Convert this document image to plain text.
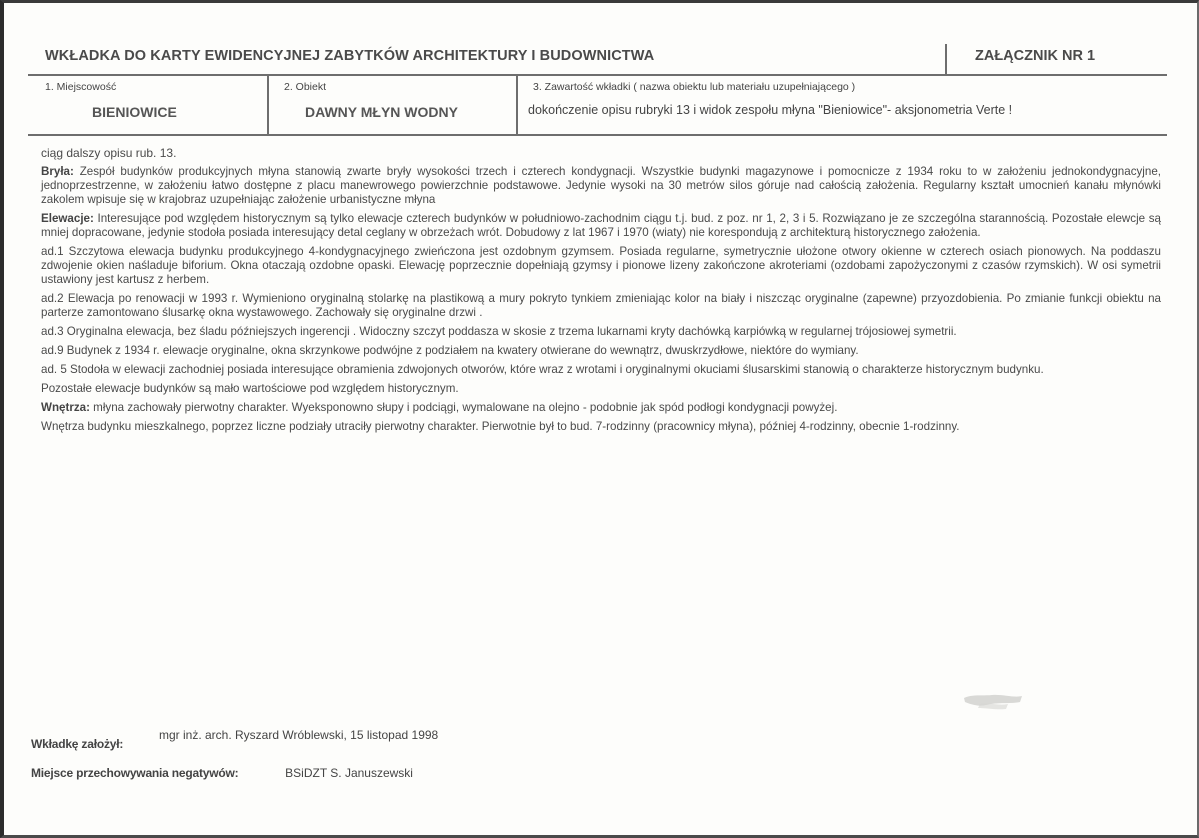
WKŁADKA DO KARTY EWIDENCYJNEJ ZABYTKÓW ARCHITEKTURY I BUDOWNICTWA	ZAŁĄCZNIK NR 1
1. Miejscowość
BIENIOWICE
2. Obiekt
DAWNY MŁYN WODNY
3. Zawartość wkładki ( nazwa obiektu lub materiału uzupełniającego )
dokończenie opisu rubryki 13 i widok zespołu młyna "Bieniowice"- aksjonometria Verte !

ciąg dalszy opisu rub. 13.

Bryła: Zespół budynków produkcyjnych młyna stanowią zwarte bryły wysokości trzech i czterech kondygnacji. Wszystkie budynki magazynowe i pomocnicze z 1934 roku to w założeniu jednokondygnacyjne, jednoprzestrzenne, w założeniu łatwo dostępne z placu manewrowego powierzchnie podstawowe. Jedynie wysoki na 30 metrów silos góruje nad całością założenia. Regularny kształt umocnień kanału młynówki zakolem wpisuje się w krajobraz uzupełniając założenie urbanistyczne młyna

Elewacje: Interesujące pod względem historycznym są tylko elewacje czterech budynków w południowo-zachodnim ciągu t.j. bud. z poz. nr 1, 2, 3 i 5. Rozwiązano je ze szczególna starannością. Pozostałe elewcje są mniej dopracowane, jedynie stodoła posiada interesujący detal ceglany w obrzeżach wrót. Dobudowy z lat 1967 i 1970 (wiaty) nie korespondują z architekturą historycznego założenia.

ad.1 Szczytowa elewacja budynku produkcyjnego 4-kondygnacyjnego zwieńczona jest ozdobnym gzymsem. Posiada regularne, symetrycznie ułożone otwory okienne w czterech osiach pionowych. Na poddaszu zdwojenie okien naśladuje biforium. Okna otaczają ozdobne opaski. Elewację poprzecznie dopełniają gzymsy i pionowe lizeny zakończone akroteriami (ozdobami zapożyczonymi z czasów rzymskich). W osi symetrii ustawiony jest kartusz z herbem.

ad.2 Elewacja po renowacji w 1993 r. Wymieniono oryginalną stolarkę na plastikową a mury pokryto tynkiem zmieniając kolor na biały i niszcząc oryginalne (zapewne) przyozdobienia. Po zmianie funkcji obiektu na parterze zamontowano ślusarkę okna wystawowego. Zachowały się oryginalne drzwi .

ad.3 Oryginalna elewacja, bez śladu późniejszych ingerencji . Widoczny szczyt poddasza w skosie z trzema lukarnami kryty dachówką karpiówką w regularnej trójosiowej symetrii.

ad.9 Budynek z 1934 r. elewacje oryginalne, okna skrzynkowe podwójne z podziałem na kwatery otwierane do wewnątrz, dwuskrzydłowe, niektóre do wymiany.

ad. 5 Stodoła w elewacji zachodniej posiada interesujące obramienia zdwojonych otworów, które wraz z wrotami i oryginalnymi okuciami ślusarskimi stanowią o charakterze historycznym budynku.

Pozostałe elewacje budynków są mało wartościowe pod względem historycznym.

Wnętrza: młyna zachowały pierwotny charakter. Wyeksponowno słupy i podciągi, wymalowane na olejno - podobnie jak spód podłogi kondygnacji powyżej.

Wnętrza budynku mieszkalnego, poprzez liczne podziały utraciły pierwotny charakter. Pierwotnie był to bud. 7-rodzinny (pracownicy młyna), później 4-rodzinny, obecnie 1-rodzinny.

Wkładkę założył:
mgr inż. arch. Ryszard Wróblewski, 15 listopad 1998
Miejsce przechowywania negatywów:	BSiDZT S. Januszewski
